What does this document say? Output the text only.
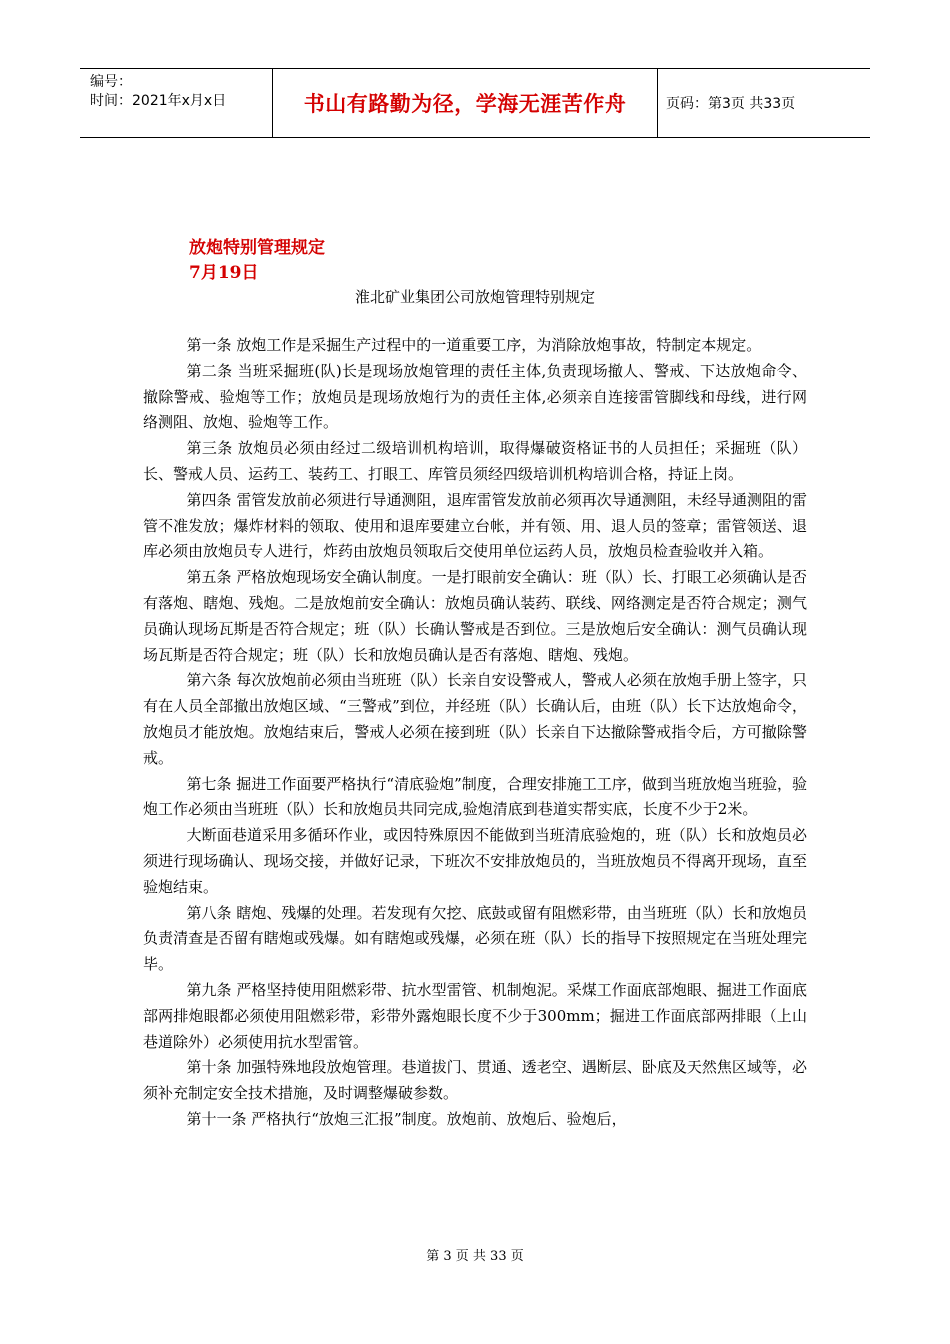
编号：
时间：2021年x月x日	书山有路勤为径，学海无涯苦作舟	页码：第3页 共33页
放炮特别管理规定
7月19日
淮北矿业集团公司放炮管理特别规定

第一条 放炮工作是采掘生产过程中的一道重要工序，为消除放炮事故，特制定本规定。

第二条 当班采掘班(队)长是现场放炮管理的责任主体,负责现场撤人、警戒、下达放炮命令、撤除警戒、验炮等工作；放炮员是现场放炮行为的责任主体,必须亲自连接雷管脚线和母线，进行网络测阻、放炮、验炮等工作。

第三条 放炮员必须由经过二级培训机构培训，取得爆破资格证书的人员担任；采掘班（队）长、警戒人员、运药工、装药工、打眼工、库管员须经四级培训机构培训合格，持证上岗。

第四条 雷管发放前必须进行导通测阻，退库雷管发放前必须再次导通测阻，未经导通测阻的雷管不准发放；爆炸材料的领取、使用和退库要建立台帐，并有领、用、退人员的签章；雷管领送、退库必须由放炮员专人进行，炸药由放炮员领取后交使用单位运药人员，放炮员检查验收并入箱。

第五条 严格放炮现场安全确认制度。一是打眼前安全确认：班（队）长、打眼工必须确认是否有落炮、瞎炮、残炮。二是放炮前安全确认：放炮员确认装药、联线、网络测定是否符合规定；测气员确认现场瓦斯是否符合规定；班（队）长确认警戒是否到位。三是放炮后安全确认：测气员确认现场瓦斯是否符合规定；班（队）长和放炮员确认是否有落炮、瞎炮、残炮。

第六条 每次放炮前必须由当班班（队）长亲自安设警戒人，警戒人必须在放炮手册上签字，只有在人员全部撤出放炮区域、“三警戒”到位，并经班（队）长确认后，由班（队）长下达放炮命令，放炮员才能放炮。放炮结束后，警戒人必须在接到班（队）长亲自下达撤除警戒指令后，方可撤除警戒。

第七条 掘进工作面要严格执行“清底验炮”制度，合理安排施工工序，做到当班放炮当班验，验炮工作必须由当班班（队）长和放炮员共同完成,验炮清底到巷道实帮实底，长度不少于2米。

大断面巷道采用多循环作业，或因特殊原因不能做到当班清底验炮的，班（队）长和放炮员必须进行现场确认、现场交接，并做好记录，下班次不安排放炮员的，当班放炮员不得离开现场，直至验炮结束。

第八条 瞎炮、残爆的处理。若发现有欠挖、底鼓或留有阻燃彩带，由当班班（队）长和放炮员负责清查是否留有瞎炮或残爆。如有瞎炮或残爆，必须在班（队）长的指导下按照规定在当班处理完毕。

第九条 严格坚持使用阻燃彩带、抗水型雷管、机制炮泥。采煤工作面底部炮眼、掘进工作面底部两排炮眼都必须使用阻燃彩带，彩带外露炮眼长度不少于300mm；掘进工作面底部两排眼（上山巷道除外）必须使用抗水型雷管。

第十条 加强特殊地段放炮管理。巷道拔门、贯通、透老空、遇断层、卧底及天然焦区域等，必须补充制定安全技术措施，及时调整爆破参数。

第十一条 严格执行“放炮三汇报”制度。放炮前、放炮后、验炮后，

第 3 页 共 33 页
